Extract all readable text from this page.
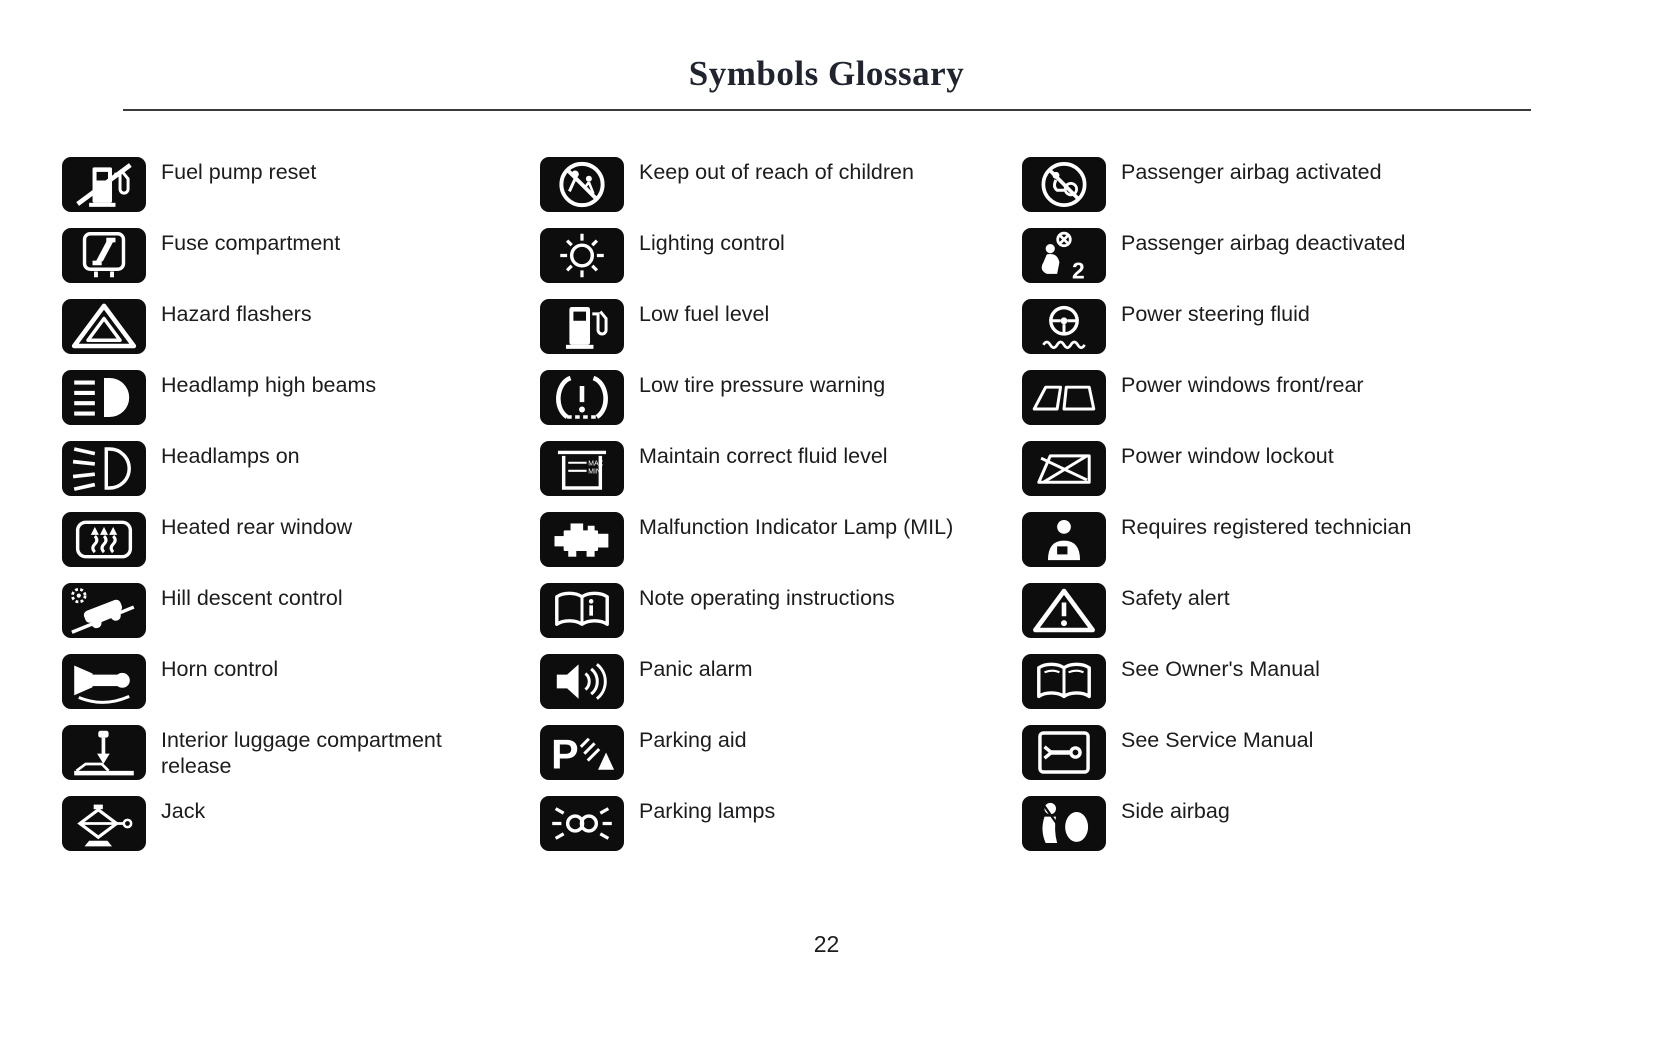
Symbols Glossary
Fuel pump reset
Fuse compartment
Hazard flashers
Headlamp high beams
Headlamps on
Heated rear window
Hill descent control
Horn control
Interior luggage compartment release
Jack
Keep out of reach of children
Lighting control
Low fuel level
Low tire pressure warning
Maintain correct fluid level
Malfunction Indicator Lamp (MIL)
Note operating instructions
Panic alarm
Parking aid
Parking lamps
Passenger airbag activated
Passenger airbag deactivated
Power steering fluid
Power windows front/rear
Power window lockout
Requires registered technician
Safety alert
See Owner's Manual
See Service Manual
Side airbag
22
